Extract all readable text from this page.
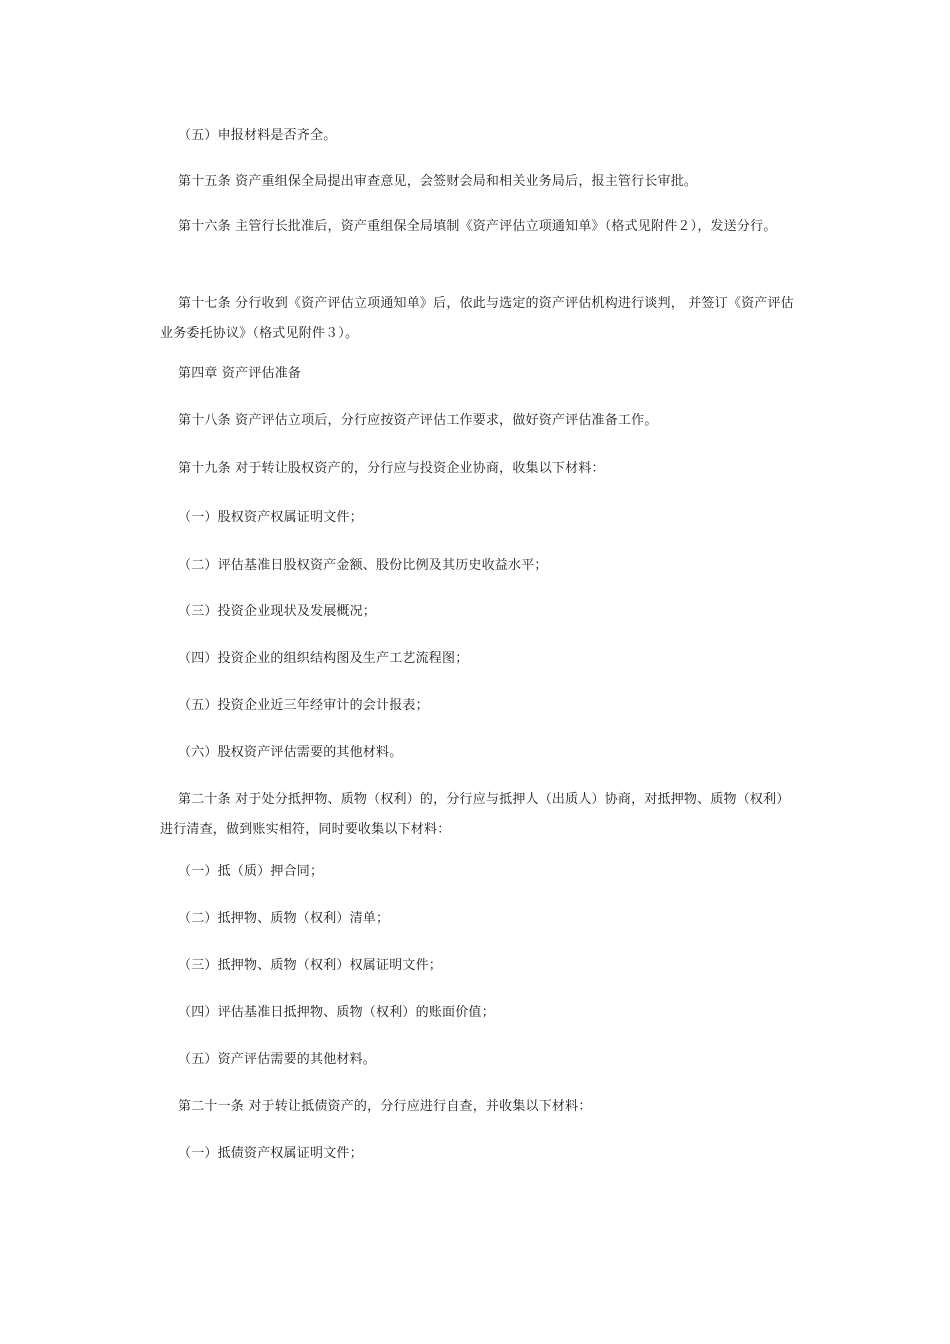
（五）申报材料是否齐全。
第十五条 资产重组保全局提出审查意见，会签财会局和相关业务局后，报主管行长审批。
第十六条 主管行长批准后，资产重组保全局填制《资产评估立项通知单》（格式见附件２），发送分行。
第十七条 分行收到《资产评估立项通知单》后，依此与选定的资产评估机构进行谈判， 并签订《资产评估业务委托协议》（格式见附件３）。
第四章 资产评估准备
第十八条 资产评估立项后，分行应按资产评估工作要求，做好资产评估准备工作。
第十九条 对于转让股权资产的，分行应与投资企业协商，收集以下材料：
（一）股权资产权属证明文件；
（二）评估基准日股权资产金额、股份比例及其历史收益水平；
（三）投资企业现状及发展概况；
（四）投资企业的组织结构图及生产工艺流程图；
（五）投资企业近三年经审计的会计报表；
（六）股权资产评估需要的其他材料。
第二十条 对于处分抵押物、质物（权利）的，分行应与抵押人（出质人）协商，对抵押物、质物（权利）进行清查，做到账实相符，同时要收集以下材料：
（一）抵（质）押合同；
（二）抵押物、质物（权利）清单；
（三）抵押物、质物（权利）权属证明文件；
（四）评估基准日抵押物、质物（权利）的账面价值；
（五）资产评估需要的其他材料。
第二十一条 对于转让抵债资产的，分行应进行自查，并收集以下材料：
（一）抵债资产权属证明文件；
